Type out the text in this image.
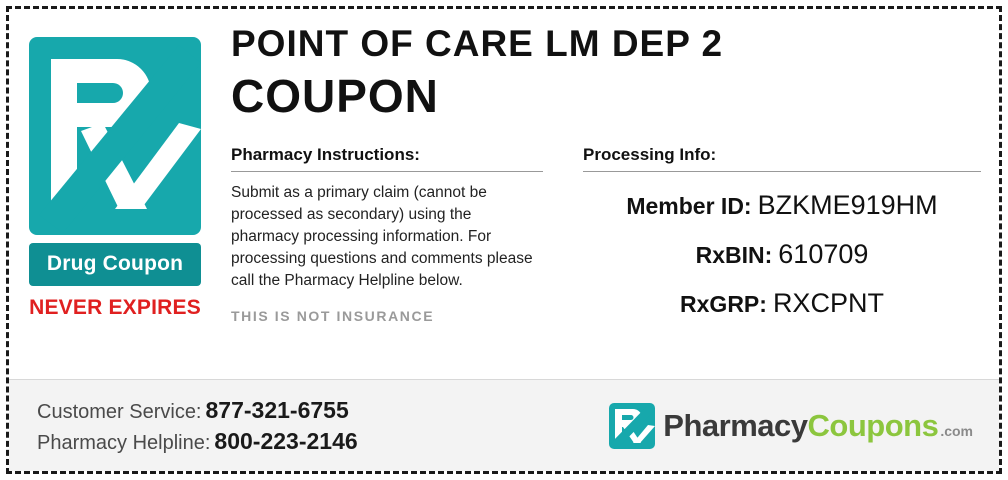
Drug Coupon
NEVER EXPIRES
POINT OF CARE LM DEP 2
COUPON
Pharmacy Instructions:
Submit as a primary claim (cannot be processed as secondary) using the pharmacy processing information. For processing questions and comments please call the Pharmacy Helpline below.
THIS IS NOT INSURANCE
Processing Info:
Member ID: BZKME919HM
RxBIN: 610709
RxGRP: RXCPNT
Customer Service: 877-321-6755
Pharmacy Helpline: 800-223-2146	PharmacyCoupons .com
